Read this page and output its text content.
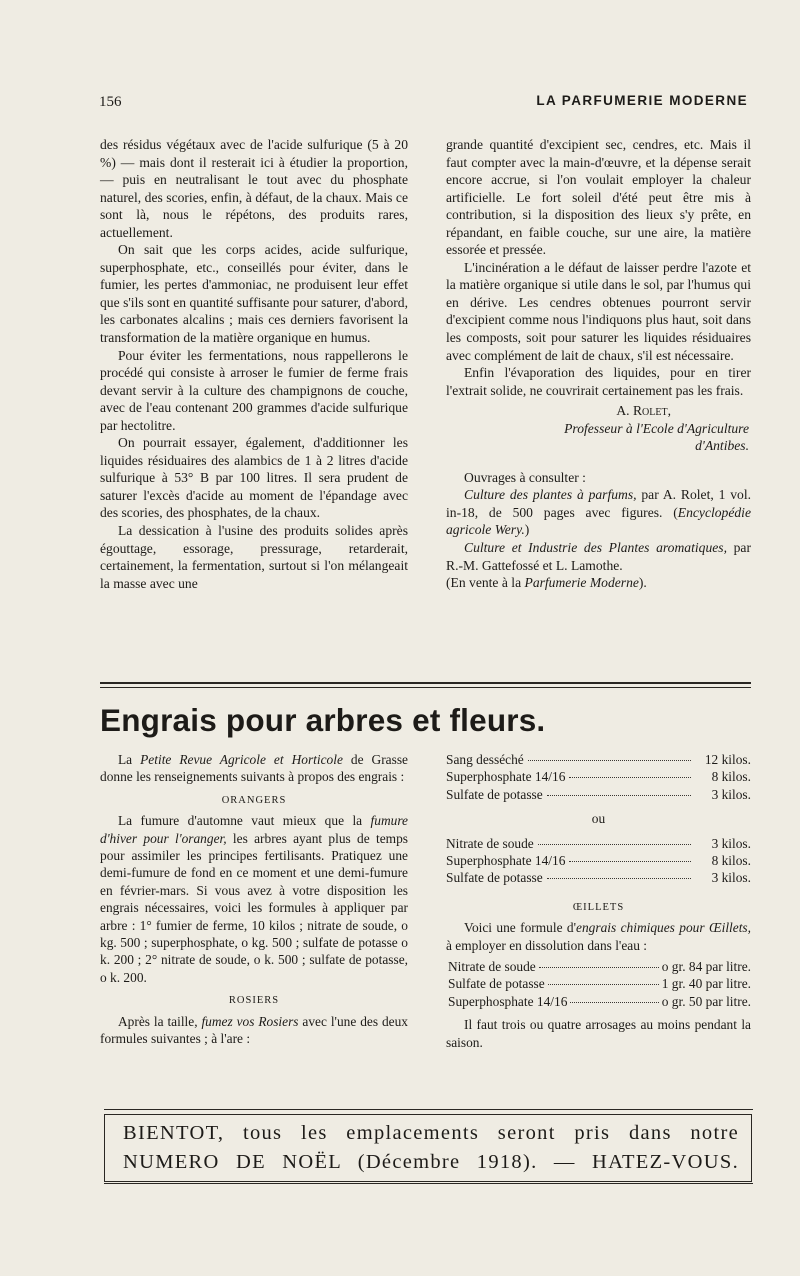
156	LA PARFUMERIE MODERNE

des résidus végétaux avec de l'acide sulfurique (5 à 20 %) — mais dont il resterait ici à étudier la proportion, — puis en neutralisant le tout avec du phosphate naturel, des scories, enfin, à défaut, de la chaux. Mais ce sont là, nous le répétons, des produits rares, actuellement.

On sait que les corps acides, acide sulfurique, superphosphate, etc., conseillés pour éviter, dans le fumier, les pertes d'ammoniac, ne produisent leur effet que s'ils sont en quantité suffisante pour saturer, d'abord, les carbonates alcalins ; mais ces derniers favorisent la transformation de la matière organique en humus.

Pour éviter les fermentations, nous rappellerons le procédé qui consiste à arroser le fumier de ferme frais devant servir à la culture des champignons de couche, avec de l'eau contenant 200 grammes d'acide sulfurique par hectolitre.

On pourrait essayer, également, d'additionner les liquides résiduaires des alambics de 1 à 2 litres d'acide sulfurique à 53° B par 100 litres. Il sera prudent de saturer l'excès d'acide au moment de l'épandage avec des scories, des phosphates, de la chaux.

La dessication à l'usine des produits solides après égouttage, essorage, pressurage, retarderait, certainement, la fermentation, surtout si l'on mélangeait la masse avec une

grande quantité d'excipient sec, cendres, etc. Mais il faut compter avec la main-d'œuvre, et la dépense serait encore accrue, si l'on voulait employer la chaleur artificielle. Le fort soleil d'été peut être mis à contribution, si la disposition des lieux s'y prête, en répandant, en faible couche, sur une aire, la matière essorée et pressée.

L'incinération a le défaut de laisser perdre l'azote et la matière organique si utile dans le sol, par l'humus qui en dérive. Les cendres obtenues pourront servir d'excipient comme nous l'indiquons plus haut, soit dans les composts, soit pour saturer les liquides résiduaires avec complément de lait de chaux, s'il est nécessaire.

Enfin l'évaporation des liquides, pour en tirer l'extrait solide, ne couvrirait certainement pas les frais.

A. Rolet,

Professeur à l'Ecole d'Agriculture

d'Antibes.

Ouvrages à consulter :

Culture des plantes à parfums, par A. Rolet, 1 vol. in-18, de 500 pages avec figures. (Encyclopédie agricole Wery.)

Culture et Industrie des Plantes aromatiques, par R.-M. Gattefossé et L. Lamothe.

(En vente à la Parfumerie Moderne).

Engrais pour arbres et fleurs.

La Petite Revue Agricole et Horticole de Grasse donne les renseignements suivants à propos des engrais :

ORANGERS

La fumure d'automne vaut mieux que la fumure d'hiver pour l'oranger, les arbres ayant plus de temps pour assimiler les principes fertilisants. Pratiquez une demi-fumure de fond en ce moment et une demi-fumure en février-mars. Si vous avez à votre disposition les engrais nécessaires, voici les formules à appliquer par arbre : 1° fumier de ferme, 10 kilos ; nitrate de soude, o kg. 500 ; superphosphate, o kg. 500 ; sulfate de potasse o k. 200 ; 2° nitrate de soude, o k. 500 ; sulfate de potasse, o k. 200.

ROSIERS

Après la taille, fumez vos Rosiers avec l'une des deux formules suivantes ; à l'are :

Sang desséché	12 kilos.
Superphosphate 14/16	8 kilos.
Sulfate de potasse	3 kilos.

ou

Nitrate de soude	3 kilos.
Superphosphate 14/16	8 kilos.
Sulfate de potasse	3 kilos.

ŒILLETS

Voici une formule d'engrais chimiques pour Œillets, à employer en dissolution dans l'eau :

Nitrate de soude	o gr. 84 par litre.
Sulfate de potasse	1 gr. 40 par litre.
Superphosphate 14/16	o gr. 50 par litre.

Il faut trois ou quatre arrosages au moins pendant la saison.

BIENTOT, tous les emplacements seront pris dans notre
NUMERO DE NOËL (Décembre 1918). — HATEZ-VOUS.
